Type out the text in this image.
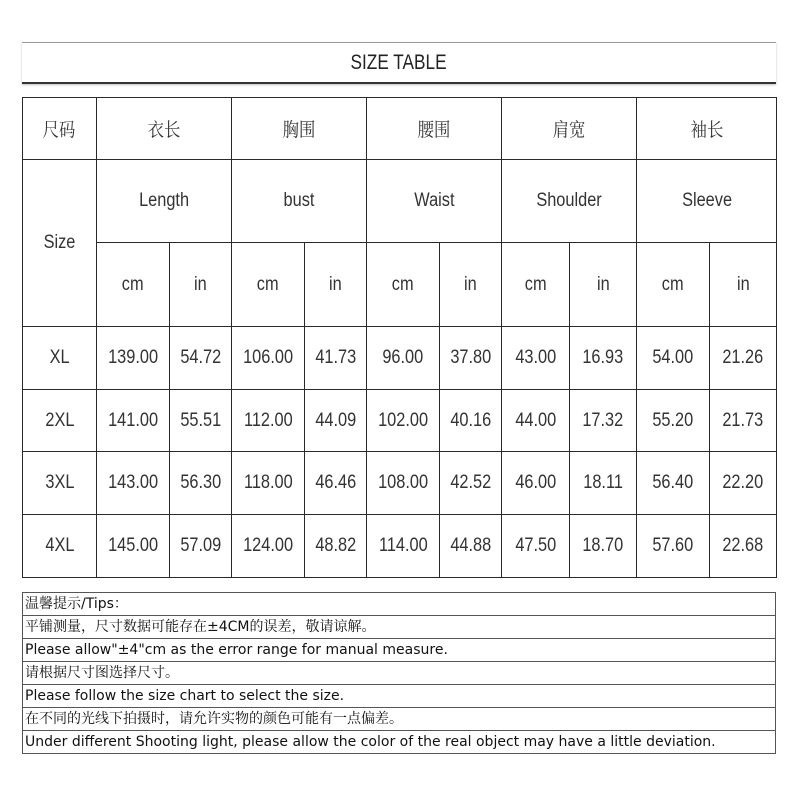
SIZE TABLE
尺码	衣长		胸围		腰围		肩宽		袖长	
Size	Length		bust		Waist		Shoulder		Sleeve	
	cm	in	cm	in	cm	in	cm	in	cm	in
XL	139.00	54.72	106.00	41.73	96.00	37.80	43.00	16.93	54.00	21.26
2XL	141.00	55.51	112.00	44.09	102.00	40.16	44.00	17.32	55.20	21.73
3XL	143.00	56.30	118.00	46.46	108.00	42.52	46.00	18.11	56.40	22.20
4XL	145.00	57.09	124.00	48.82	114.00	44.88	47.50	18.70	57.60	22.68
温馨提示/Tips：
平铺测量，尺寸数据可能存在±4CM的误差，敬请谅解。
Please allow"±4"cm as the error range for manual measure.
请根据尺寸图选择尺寸。
Please follow the size chart to select the size.
在不同的光线下拍摄时，请允许实物的颜色可能有一点偏差。
Under different Shooting light, please allow the color of the real object may have a little deviation.
